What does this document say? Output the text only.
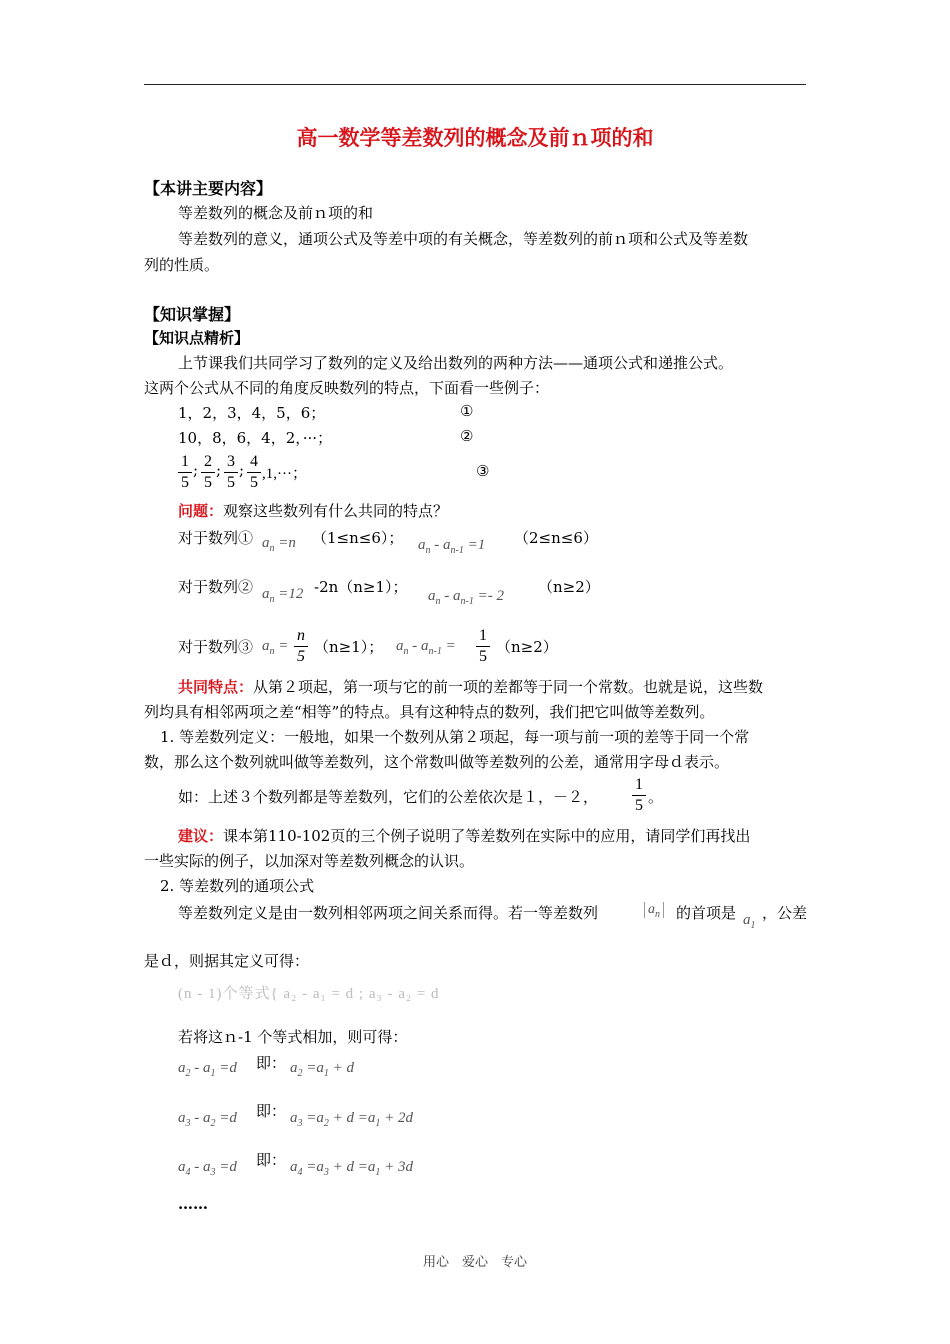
高一数学等差数列的概念及前ｎ项的和
【本讲主要内容】
等差数列的概念及前ｎ项的和
等差数列的意义，通项公式及等差中项的有关概念，等差数列的前ｎ项和公式及等差数
列的性质。
【知识掌握】
【知识点精析】
上节课我们共同学习了数列的定义及给出数列的两种方法——通项公式和递推公式。
这两个公式从不同的角度反映数列的特点，下面看一些例子：
1，2，3，4，5，6；	①
10，8，6，4，2，···；	②
1
5
; 2
5
; 3
5
; 4
5 ,1,···；	③
问题：观察这些数列有什么共同的特点？
对于数列① $a_n =n$ （1≤n≤6）； $a_n - a_{n-1} =1$ （2≤n≤6）
对于数列② $a_n =12$ -2n（n≥1）； $a_n - a_{n-1} =- 2$ （n≥2）
对于数列③ $a_n$ =
n
5
（n≥1）； $a_n - a_{n-1}$ =
1
5
（n≥2）
共同特点：从第２项起，第一项与它的前一项的差都等于同一个常数。也就是说，这些数
列均具有相邻两项之差“相等”的特点。具有这种特点的数列，我们把它叫做等差数列。
1. 等差数列定义：一般地，如果一个数列从第２项起，每一项与前一项的差等于同一个常
数，那么这个数列就叫做等差数列，这个常数叫做等差数列的公差，通常用字母ｄ表示。
如：上述３个数列都是等差数列，它们的公差依次是１，－２，
1
5 。
建议：课本第110-102页的三个例子说明了等差数列在实际中的应用，请同学们再找出
一些实际的例子，以加深对等差数列概念的认识。
2. 等差数列的通项公式
等差数列定义是由一数列相邻两项之间关系而得。若一等差数列	$a_n$ 的首项是 $a_1$
，公差
是ｄ，则据其定义可得：
(n - 1)个等式{ a₂ - a₁ = d ; a₃ - a₂ = d
若将这ｎ-1 个等式相加，则可得：
$a_2 - a_1 =d$ 即： $a_2 =a_1 + d$
$a_3 - a_2 =d$ 即： $a_3 =a_2 + d =a_1 + 2d$
$a_4 - a_3 =d$ 即： $a_4 =a_3 + d =a_1 + 3d$
……
用心　爱心　专心
